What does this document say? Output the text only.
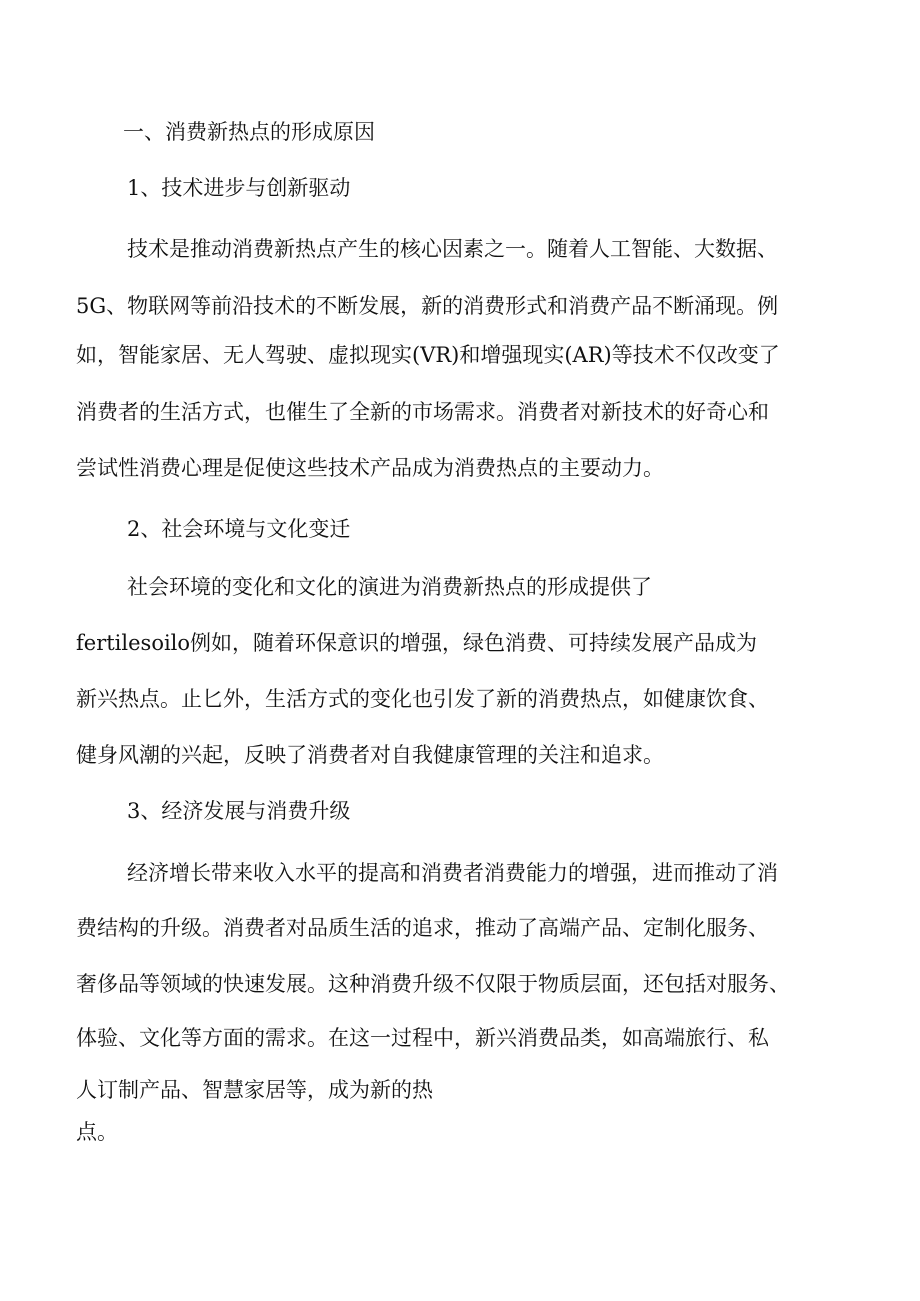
一、消费新热点的形成原因
1、技术进步与创新驱动
技术是推动消费新热点产生的核心因素之一。随着人工智能、大数据、
5G、物联网等前沿技术的不断发展，新的消费形式和消费产品不断涌现。例
如，智能家居、无人驾驶、虚拟现实(VR)和增强现实(AR)等技术不仅改变了
消费者的生活方式，也催生了全新的市场需求。消费者对新技术的好奇心和
尝试性消费心理是促使这些技术产品成为消费热点的主要动力。
2、社会环境与文化变迁
社会环境的变化和文化的演进为消费新热点的形成提供了
fertilesoilo例如，随着环保意识的增强，绿色消费、可持续发展产品成为
新兴热点。止匕外，生活方式的变化也引发了新的消费热点，如健康饮食、
健身风潮的兴起，反映了消费者对自我健康管理的关注和追求。
3、经济发展与消费升级
经济增长带来收入水平的提高和消费者消费能力的增强，进而推动了消
费结构的升级。消费者对品质生活的追求，推动了高端产品、定制化服务、
奢侈品等领域的快速发展。这种消费升级不仅限于物质层面，还包括对服务、
体验、文化等方面的需求。在这一过程中，新兴消费品类，如高端旅行、私
人订制产品、智慧家居等，成为新的热
点。
